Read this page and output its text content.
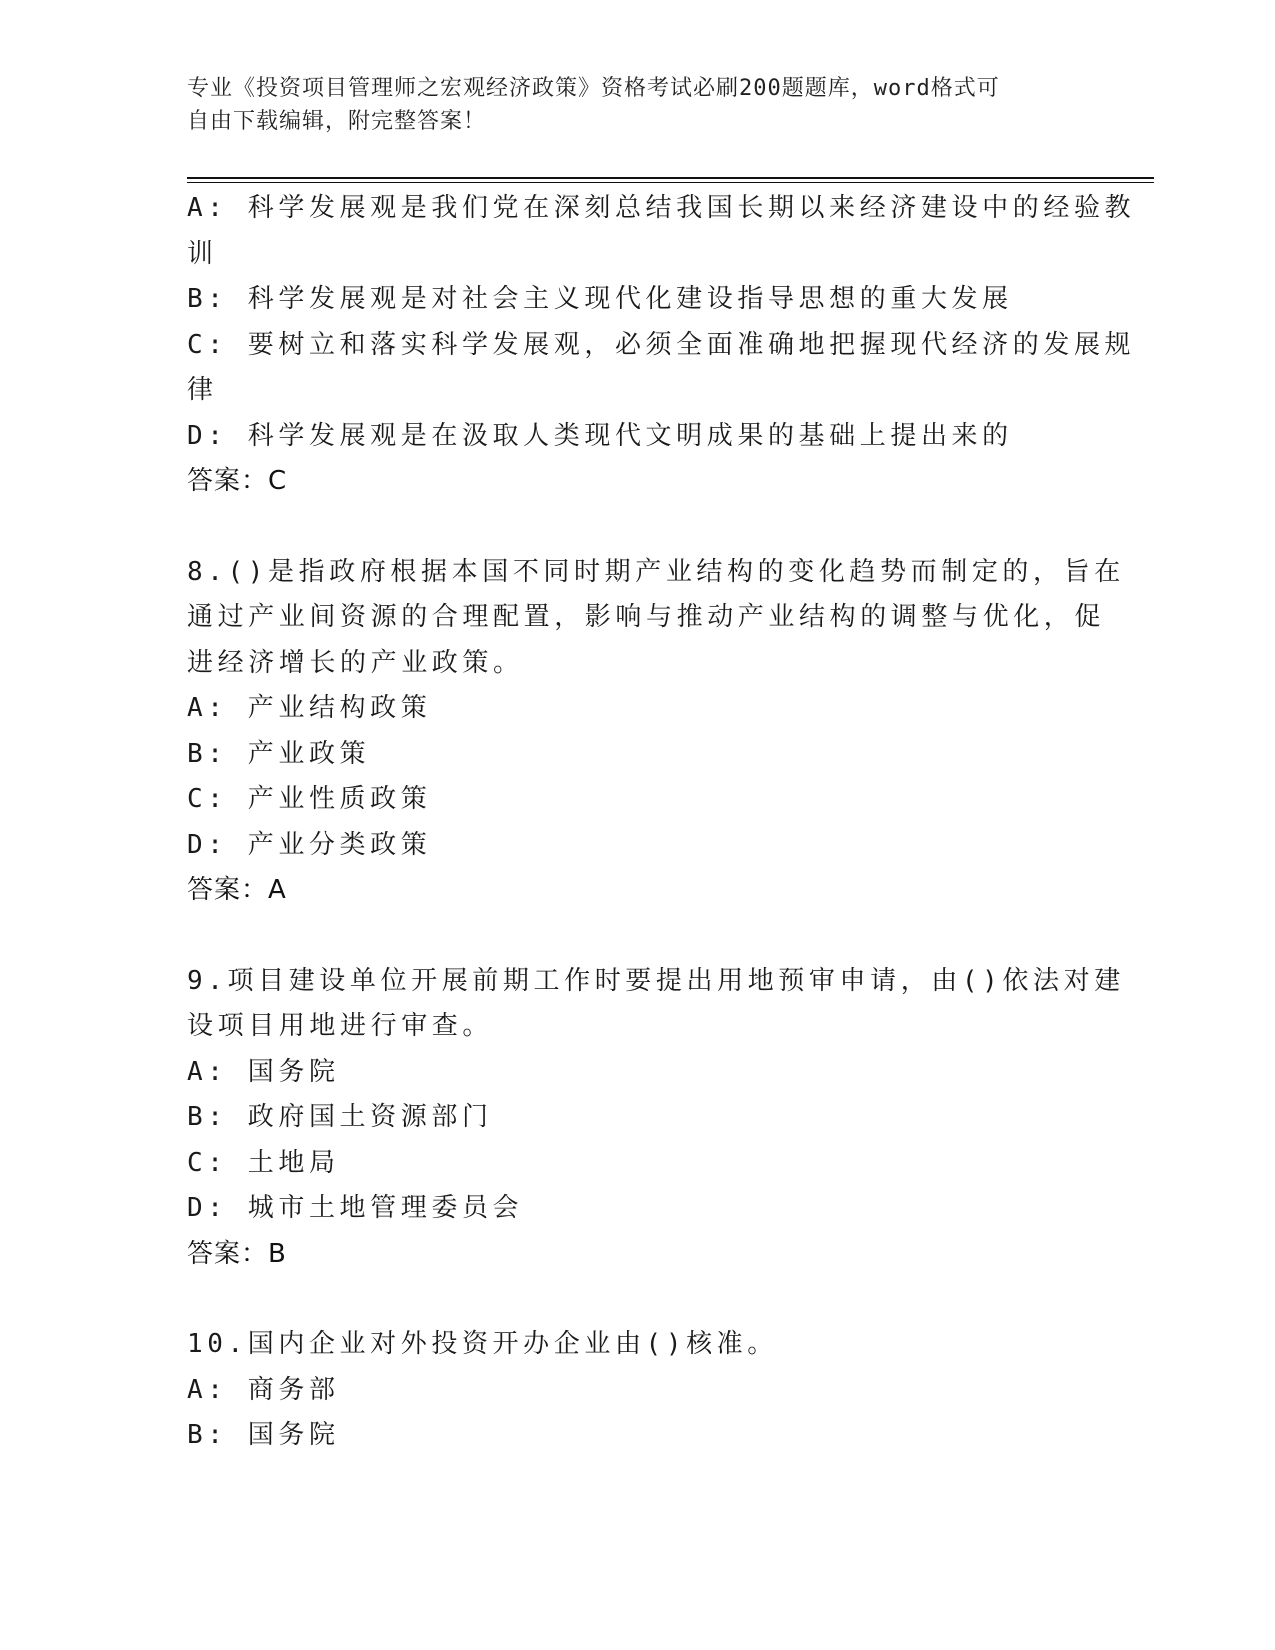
专业《投资项目管理师之宏观经济政策》资格考试必刷200题题库，word格式可
自由下载编辑，附完整答案！
A: 科学发展观是我们党在深刻总结我国长期以来经济建设中的经验教
训
B: 科学发展观是对社会主义现代化建设指导思想的重大发展
C: 要树立和落实科学发展观，必须全面准确地把握现代经济的发展规
律
D: 科学发展观是在汲取人类现代文明成果的基础上提出来的
答案：C
8.()是指政府根据本国不同时期产业结构的变化趋势而制定的，旨在
通过产业间资源的合理配置，影响与推动产业结构的调整与优化，促
进经济增长的产业政策。
A: 产业结构政策
B: 产业政策
C: 产业性质政策
D: 产业分类政策
答案：A
9.项目建设单位开展前期工作时要提出用地预审申请，由()依法对建
设项目用地进行审查。
A: 国务院
B: 政府国土资源部门
C: 土地局
D: 城市土地管理委员会
答案：B
10.国内企业对外投资开办企业由()核准。
A: 商务部
B: 国务院
